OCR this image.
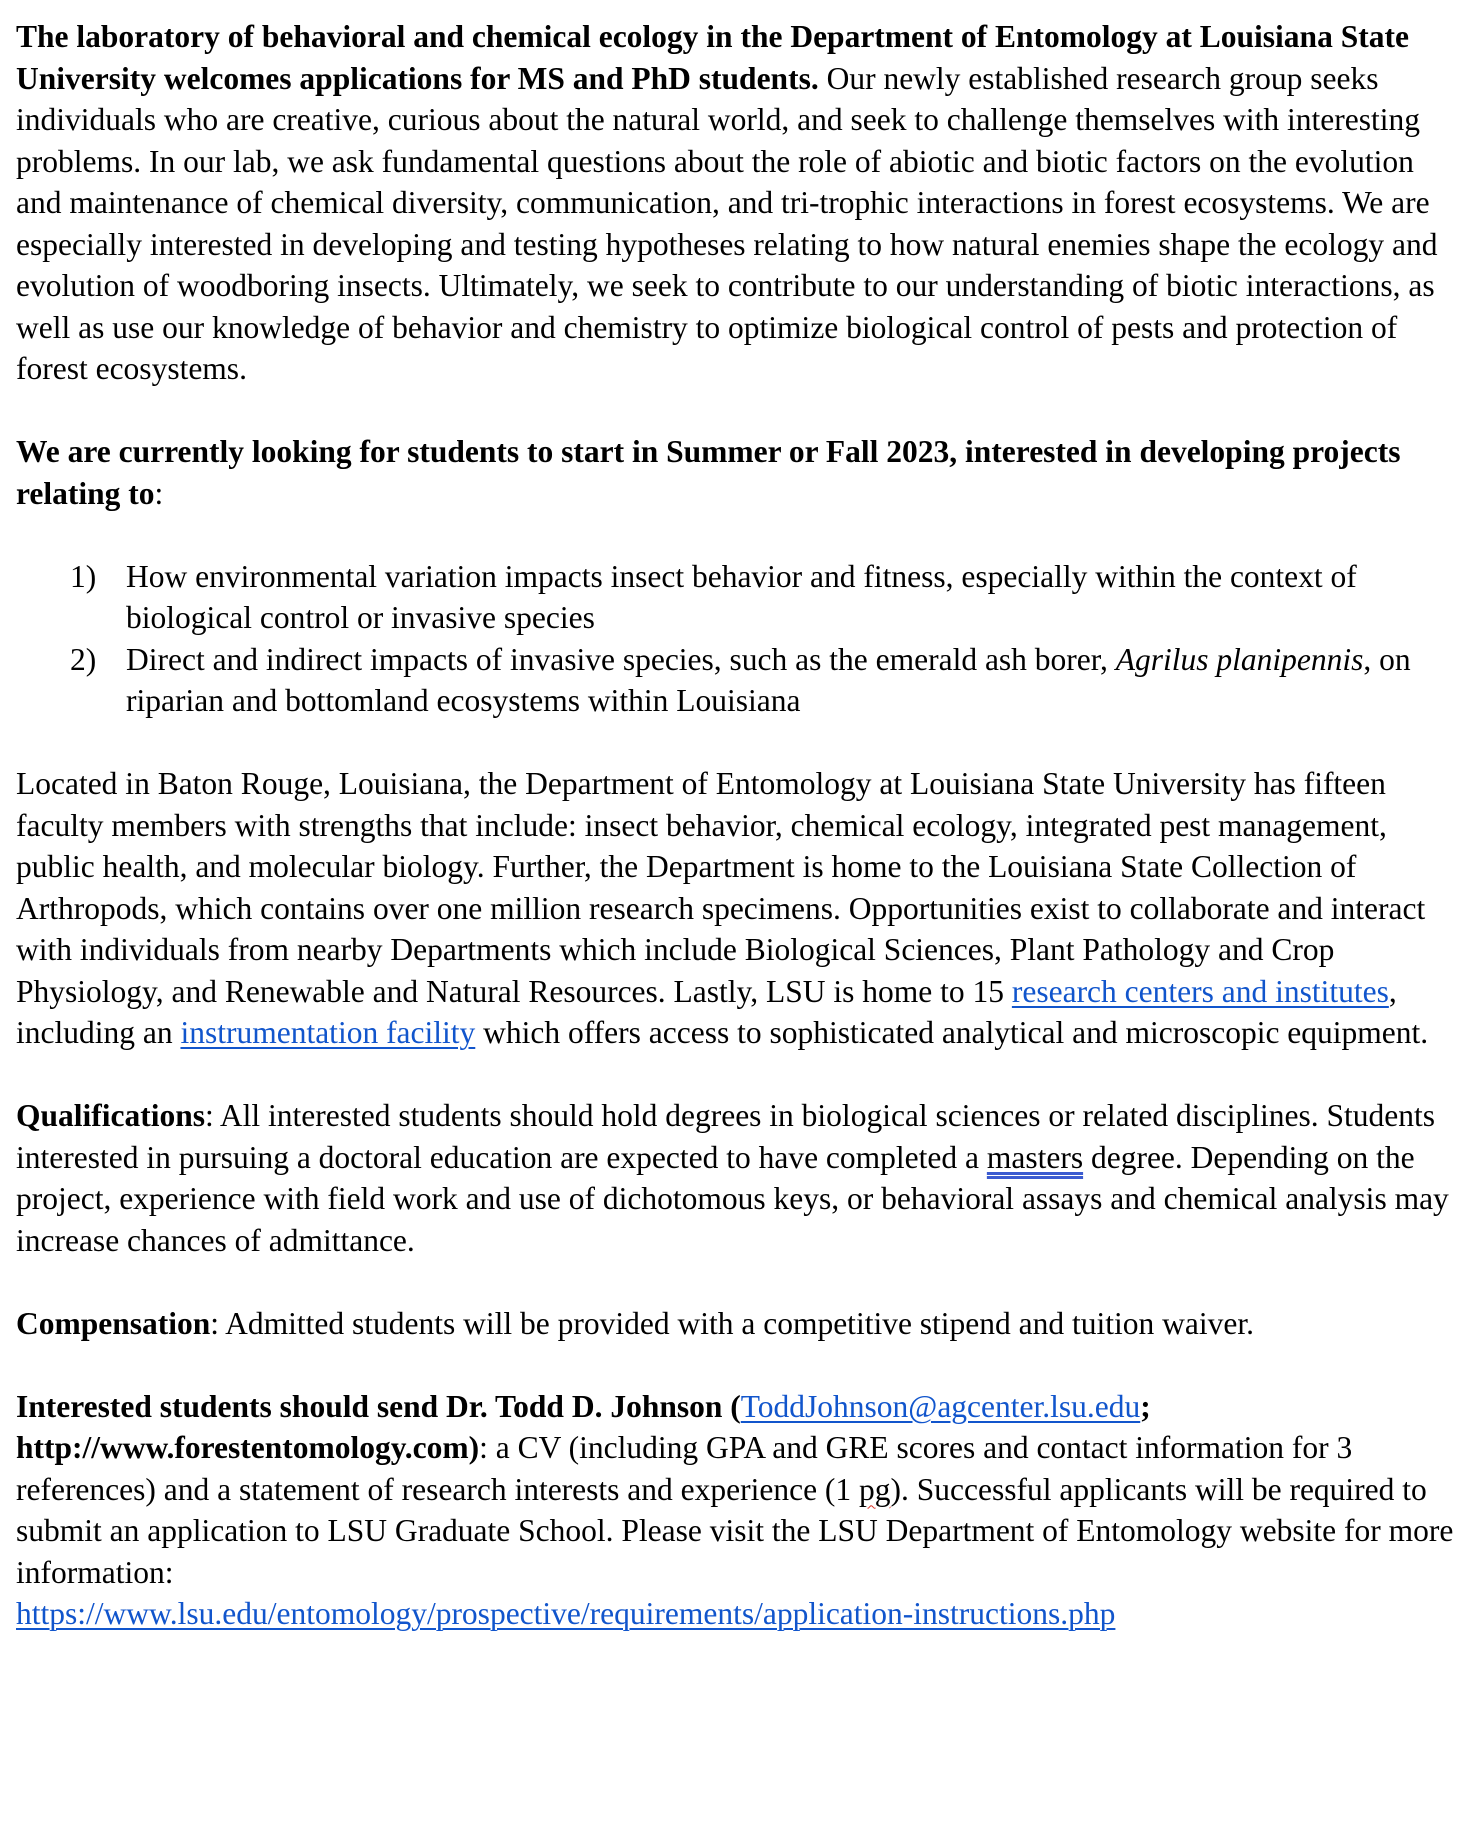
The laboratory of behavioral and chemical ecology in the Department of Entomology at Louisiana State University welcomes applications for MS and PhD students. Our newly established research group seeks individuals who are creative, curious about the natural world, and seek to challenge themselves with interesting problems. In our lab, we ask fundamental questions about the role of abiotic and biotic factors on the evolution and maintenance of chemical diversity, communication, and tri-trophic interactions in forest ecosystems. We are especially interested in developing and testing hypotheses relating to how natural enemies shape the ecology and evolution of woodboring insects. Ultimately, we seek to contribute to our understanding of biotic interactions, as well as use our knowledge of behavior and chemistry to optimize biological control of pests and protection of forest ecosystems.

We are currently looking for students to start in Summer or Fall 2023, interested in developing projects relating to:

1) How environmental variation impacts insect behavior and fitness, especially within the context of biological control or invasive species
2) Direct and indirect impacts of invasive species, such as the emerald ash borer, Agrilus planipennis, on riparian and bottomland ecosystems within Louisiana

Located in Baton Rouge, Louisiana, the Department of Entomology at Louisiana State University has fifteen faculty members with strengths that include: insect behavior, chemical ecology, integrated pest management, public health, and molecular biology. Further, the Department is home to the Louisiana State Collection of Arthropods, which contains over one million research specimens. Opportunities exist to collaborate and interact with individuals from nearby Departments which include Biological Sciences, Plant Pathology and Crop Physiology, and Renewable and Natural Resources. Lastly, LSU is home to 15 research centers and institutes, including an instrumentation facility which offers access to sophisticated analytical and microscopic equipment.

Qualifications: All interested students should hold degrees in biological sciences or related disciplines. Students interested in pursuing a doctoral education are expected to have completed a masters degree. Depending on the project, experience with field work and use of dichotomous keys, or behavioral assays and chemical analysis may increase chances of admittance.

Compensation: Admitted students will be provided with a competitive stipend and tuition waiver.

Interested students should send Dr. Todd D. Johnson (ToddJohnson@agcenter.lsu.edu; http://www.forestentomology.com): a CV (including GPA and GRE scores and contact information for 3 references) and a statement of research interests and experience (1 pg). Successful applicants will be required to submit an application to LSU Graduate School. Please visit the LSU Department of Entomology website for more information:
https://www.lsu.edu/entomology/prospective/requirements/application-instructions.php
